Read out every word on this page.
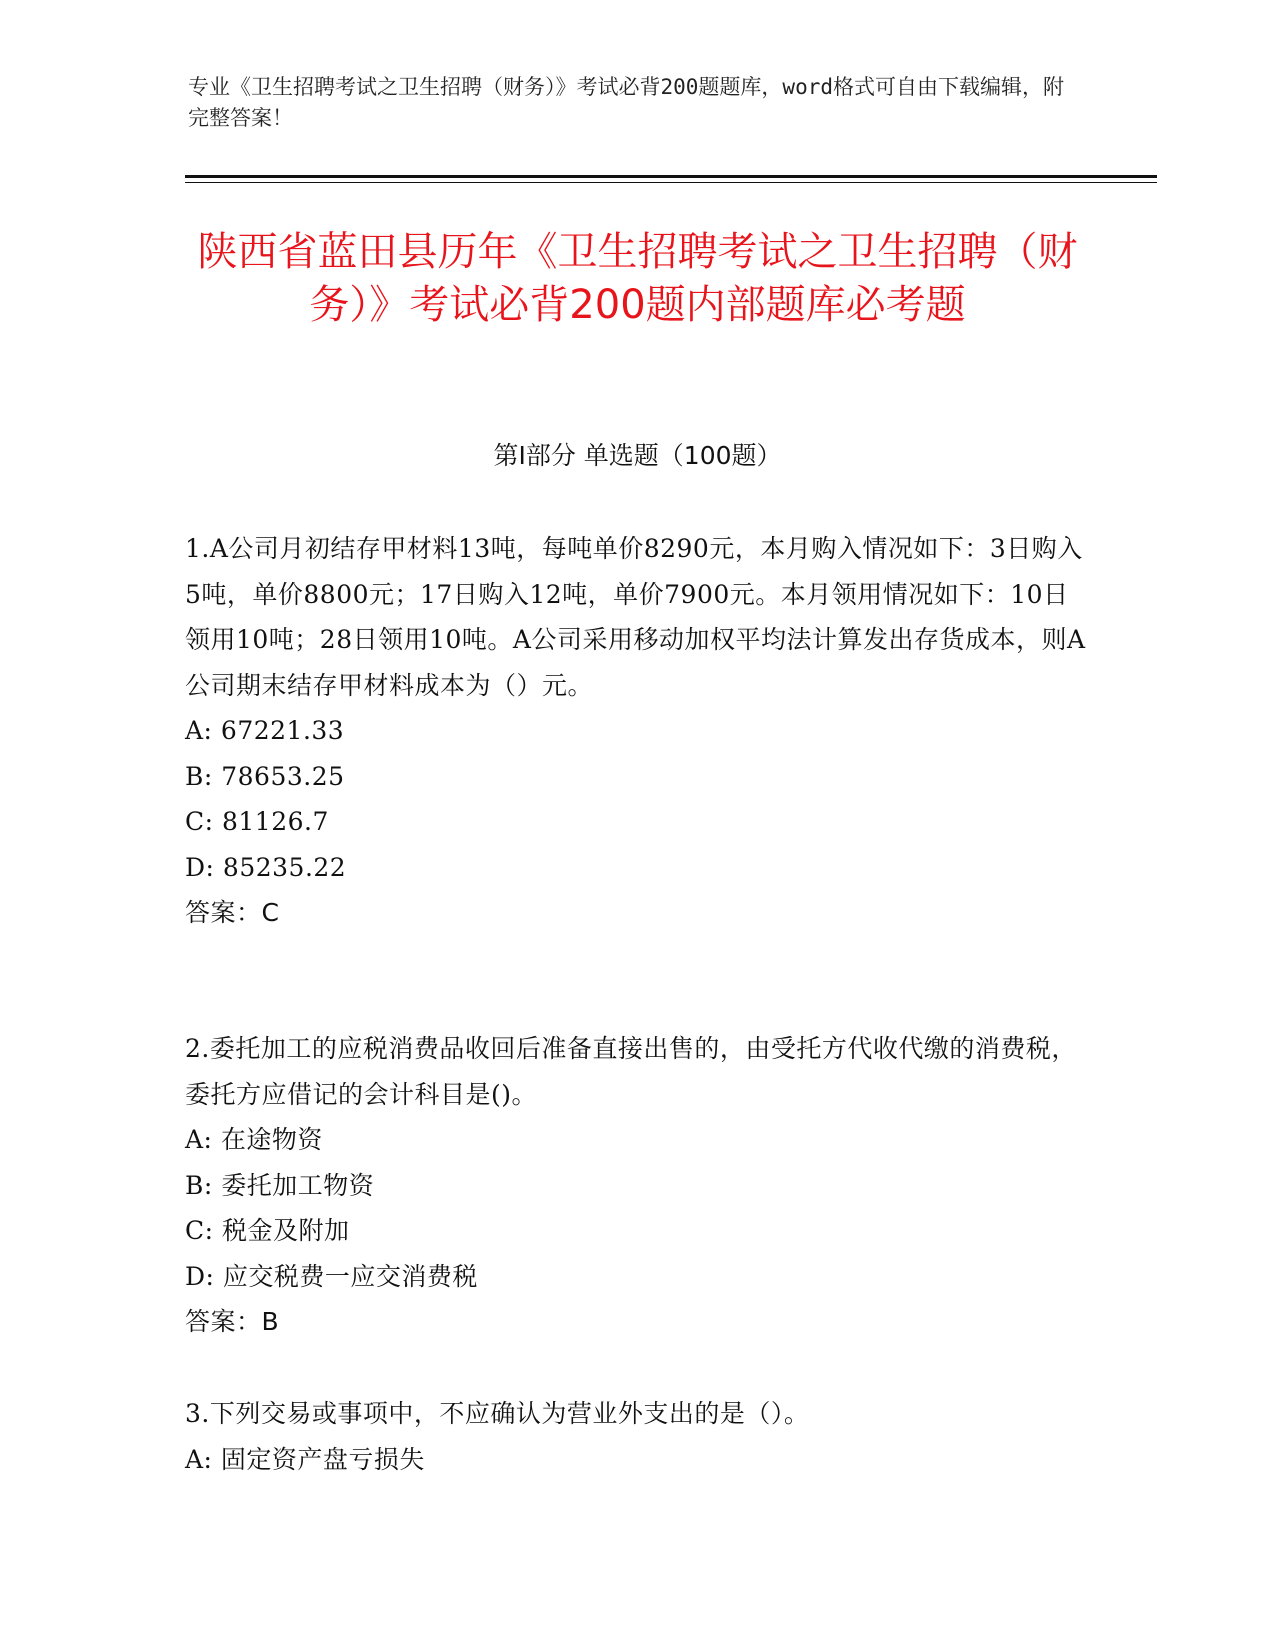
专业《卫生招聘考试之卫生招聘（财务）》考试必背200题题库，word格式可自由下载编辑，附完整答案！
陕西省蓝田县历年《卫生招聘考试之卫生招聘（财务）》考试必背200题内部题库必考题
第I部分 单选题（100题）

1.A公司月初结存甲材料13吨，每吨单价8290元，本月购入情况如下：3日购入5吨，单价8800元；17日购入12吨，单价7900元。本月领用情况如下：10日领用10吨；28日领用10吨。A公司采用移动加权平均法计算发出存货成本，则A公司期末结存甲材料成本为（）元。

A: 67221.33

B: 78653.25

C: 81126.7

D: 85235.22

答案：C

2.委托加工的应税消费品收回后准备直接出售的，由受托方代收代缴的消费税，委托方应借记的会计科目是()。

A: 在途物资

B: 委托加工物资

C: 税金及附加

D: 应交税费一应交消费税

答案：B

3.下列交易或事项中，不应确认为营业外支出的是（）。

A: 固定资产盘亏损失
